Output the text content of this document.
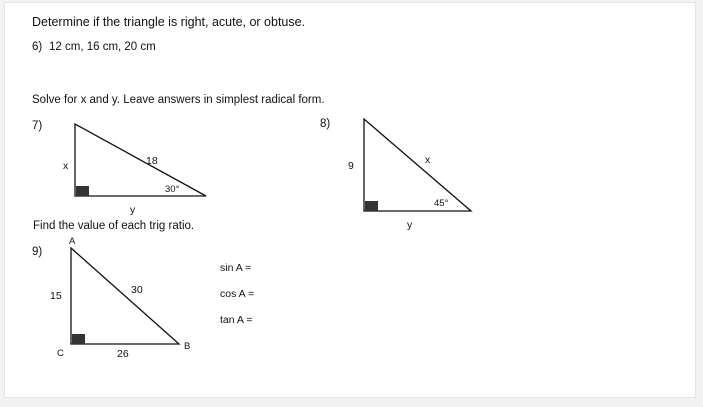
Determine if the triangle is right, acute, or obtuse.
6) 12 cm, 16 cm, 20 cm
Solve for x and y. Leave answers in simplest radical form.
7)
x	18
30°
y
8)
9	x
45°
y
Find the value of each trig ratio.
9)
A
15	30
B
C	26
sin A =
cos A =
tan A =
